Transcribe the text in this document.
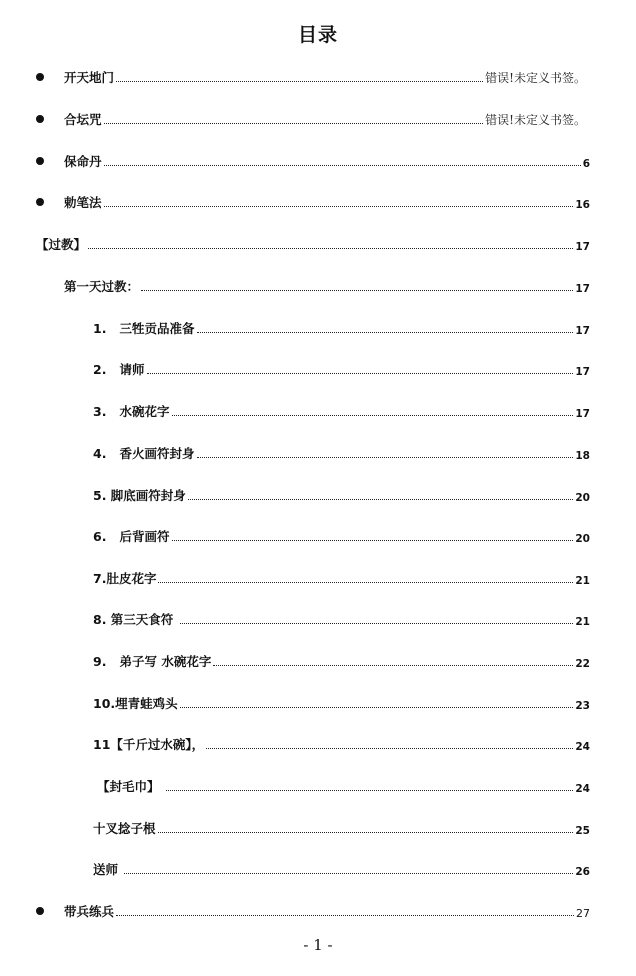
目录
开天地门	错误!未定义书签。
合坛咒	错误!未定义书签。
保命丹	6
勅笔法	16
【过教】	17
第一天过教：	17
1.   三牲贡品准备	17
2.   请师	17
3.   水碗花字	17
4.   香火画符封身	18
5. 脚底画符封身	20
6.   后背画符	20
7.肚皮花字	21
8. 第三天食符	21
9.   弟子写 水碗花字	22
10.埋青蛙鸡头	23
11【千斤过水碗】，	24
【封毛巾】	24
十叉捻子根	25
送师	26
带兵练兵	27
- 1 -
